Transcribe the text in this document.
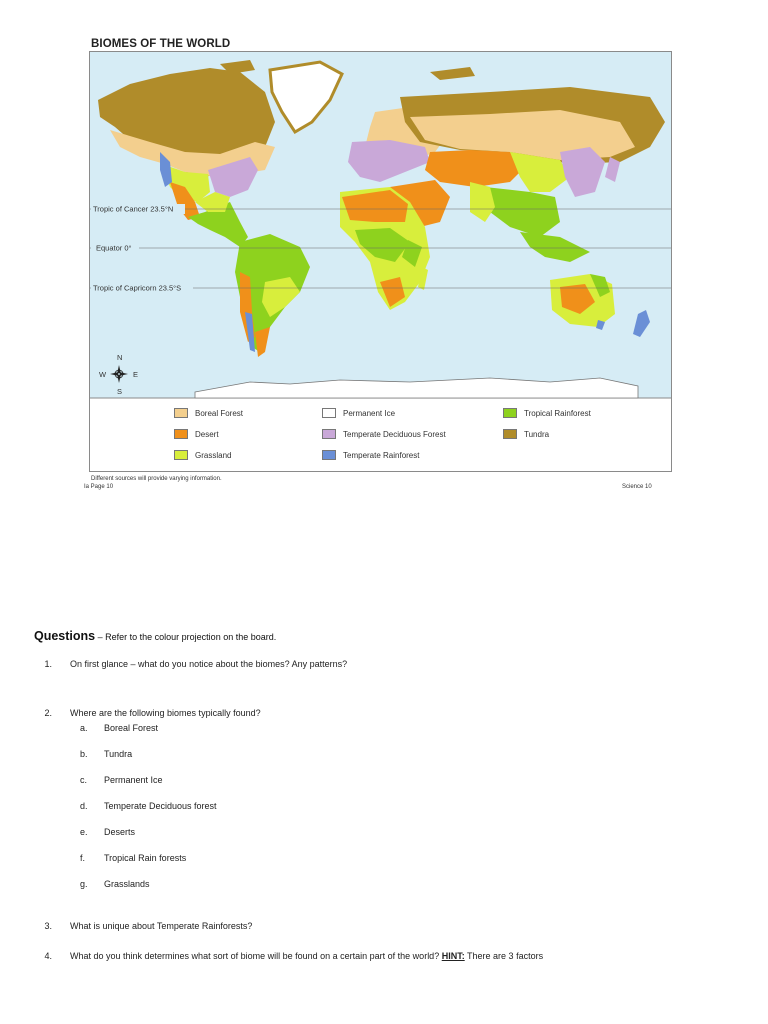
BIOMES OF THE WORLD
Tropic of Cancer 23.5°N
Equator 0°
Tropic of Capricorn 23.5°S
N
S
W	E
Boreal Forest
Desert
Grassland
Permanent Ice
Temperate Deciduous Forest
Temperate Rainforest
Tropical Rainforest
Tundra
Different sources will provide varying information.
Ia Page 10	Science 10
Questions – Refer to the colour projection on the board.
1. On first glance – what do you notice about the biomes? Any patterns?
2. Where are the following biomes typically found?
a. Boreal Forest
b. Tundra
c. Permanent Ice
d. Temperate Deciduous forest
e. Deserts
f. Tropical Rain forests
g. Grasslands
3. What is unique about Temperate Rainforests?
4. What do you think determines what sort of biome will be found on a certain part of the world? HINT: There are 3 factors
